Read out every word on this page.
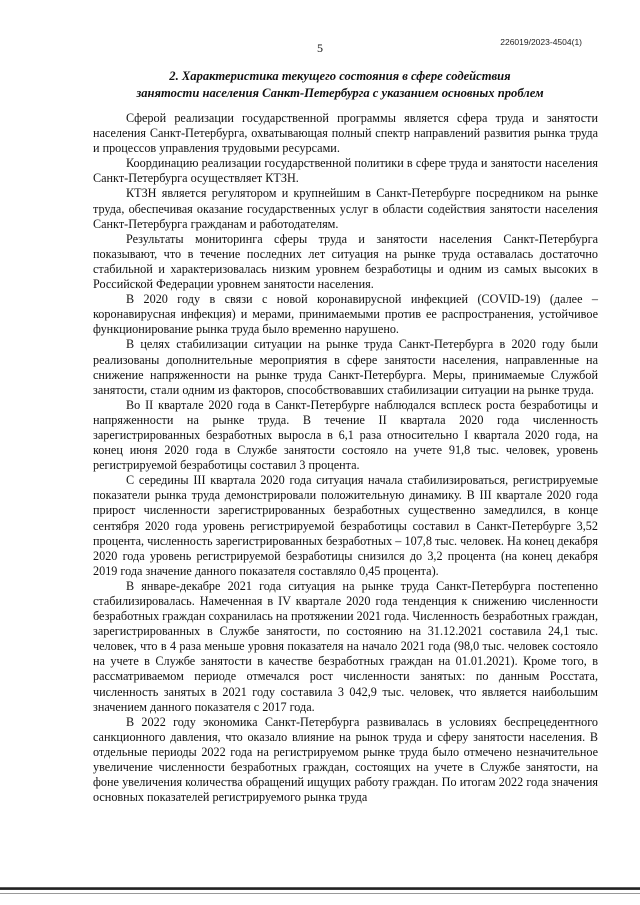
226019/2023-4504(1)
5
2. Характеристика текущего состояния в сфере содействия
занятости населения Санкт-Петербурга с указанием основных проблем

Сферой реализации государственной программы является сфера труда и занятости населения Санкт-Петербурга, охватывающая полный спектр направлений развития рынка труда и процессов управления трудовыми ресурсами.

Координацию реализации государственной политики в сфере труда и занятости населения Санкт-Петербурга осуществляет КТЗН.

КТЗН является регулятором и крупнейшим в Санкт-Петербурге посредником на рынке труда, обеспечивая оказание государственных услуг в области содействия занятости населения Санкт-Петербурга гражданам и работодателям.

Результаты мониторинга сферы труда и занятости населения Санкт-Петербурга показывают, что в течение последних лет ситуация на рынке труда оставалась достаточно стабильной и характеризовалась низким уровнем безработицы и одним из самых высоких в Российской Федерации уровнем занятости населения.

В 2020 году в связи с новой коронавирусной инфекцией (COVID-19) (далее – коронавирусная инфекция) и мерами, принимаемыми против ее распространения, устойчивое функционирование рынка труда было временно нарушено.

В целях стабилизации ситуации на рынке труда Санкт-Петербурга в 2020 году были реализованы дополнительные мероприятия в сфере занятости населения, направленные на снижение напряженности на рынке труда Санкт-Петербурга. Меры, принимаемые Службой занятости, стали одним из факторов, способствовавших стабилизации ситуации на рынке труда.

Во II квартале 2020 года в Санкт-Петербурге наблюдался всплеск роста безработицы и напряженности на рынке труда. В течение II квартала 2020 года численность зарегистрированных безработных выросла в 6,1 раза относительно I квартала 2020 года, на конец июня 2020 года в Службе занятости состояло на учете 91,8 тыс. человек, уровень регистрируемой безработицы составил 3 процента.

С середины III квартала 2020 года ситуация начала стабилизироваться, регистрируемые показатели рынка труда демонстрировали положительную динамику. В III квартале 2020 года прирост численности зарегистрированных безработных существенно замедлился, в конце сентября 2020 года уровень регистрируемой безработицы составил в Санкт-Петербурге 3,52 процента, численность зарегистрированных безработных – 107,8 тыс. человек. На конец декабря 2020 года уровень регистрируемой безработицы снизился до 3,2 процента (на конец декабря 2019 года значение данного показателя составляло 0,45 процента).

В январе-декабре 2021 года ситуация на рынке труда Санкт-Петербурга постепенно стабилизировалась. Намеченная в IV квартале 2020 года тенденция к снижению численности безработных граждан сохранилась на протяжении 2021 года. Численность безработных граждан, зарегистрированных в Службе занятости, по состоянию на 31.12.2021 составила 24,1 тыс. человек, что в 4 раза меньше уровня показателя на начало 2021 года (98,0 тыс. человек состояло на учете в Службе занятости в качестве безработных граждан на 01.01.2021). Кроме того, в рассматриваемом периоде отмечался рост численности занятых: по данным Росстата, численность занятых в 2021 году составила 3 042,9 тыс. человек, что является наибольшим значением данного показателя с 2017 года.

В 2022 году экономика Санкт-Петербурга развивалась в условиях беспрецедентного санкционного давления, что оказало влияние на рынок труда и сферу занятости населения. В отдельные периоды 2022 года на регистрируемом рынке труда было отмечено незначительное увеличение численности безработных граждан, состоящих на учете в Службе занятости, на фоне увеличения количества обращений ищущих работу граждан. По итогам 2022 года значения основных показателей регистрируемого рынка труда
